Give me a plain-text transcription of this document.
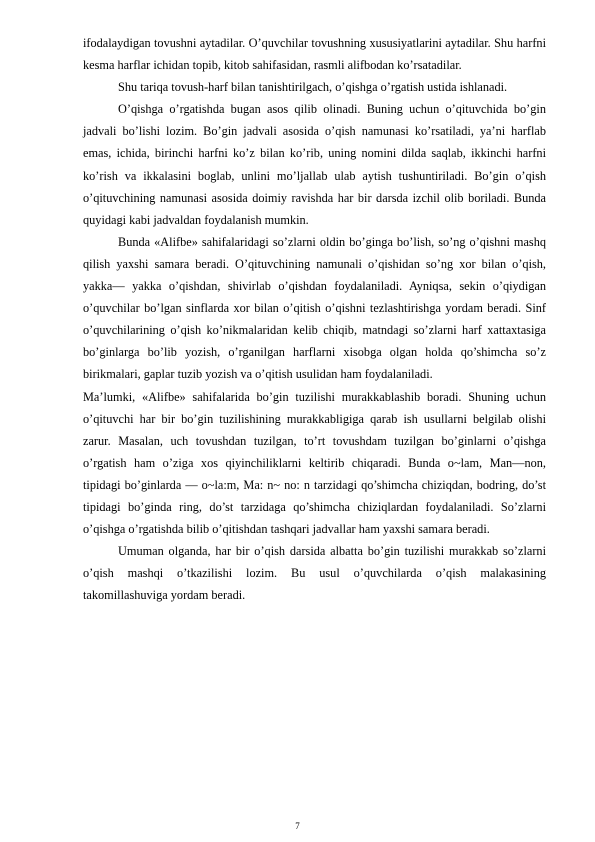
ifodalaydigan tovushni aytadilar. O’quvchilar tovushning xususiyatlarini aytadilar. Shu harfni kesma harflar ichidan topib, kitob sahifasidan, rasmli alifbodan ko’rsatadilar.

Shu tariqa tovush-harf bilan tanishtirilgach, o’qishga o’rgatish ustida ishlanadi.

O’qishga o’rgatishda bugan asos qilib olinadi. Buning uchun o’qituvchida bo’gin jadvali bo’lishi lozim. Bo’gin jadvali asosida o’qish namunasi ko’rsatiladi, ya’ni harflab emas, ichida, birinchi harfni ko’z bilan ko’rib, uning nomini dilda saqlab, ikkinchi harfni ko’rish va ikkalasini boglab, unlini mo’ljallab ulab aytish tushuntiriladi. Bo’gin o’qish o’qituvchining namunasi asosida doimiy ravishda har bir darsda izchil olib boriladi. Bunda quyidagi kabi jadvaldan foydalanish mumkin.

Bunda «Alifbe» sahifalaridagi so’zlarni oldin bo’ginga bo’lish, so’ng o’qishni mashq qilish yaxshi samara beradi. O’qituvchining namunali o’qishidan so’ng xor bilan o’qish, yakka— yakka o’qishdan, shivirlab o’qishdan foydalaniladi. Ayniqsa, sekin o’qiydigan o’quvchilar bo’lgan sinflarda xor bilan o’qitish o’qishni tezlashtirishga yordam beradi. Sinf o’quvchilarining o’qish ko’nikmalaridan kelib chiqib, matndagi so’zlarni harf xattaxtasiga bo’ginlarga bo’lib yozish, o’rganilgan harflarni xisobga olgan holda qo’shimcha so’z birikmalari, gaplar tuzib yozish va o’qitish usulidan ham foydalaniladi.

Ma’lumki, «Alifbe» sahifalarida bo’gin tuzilishi murakkablashib boradi. Shuning uchun o’qituvchi har bir bo’gin tuzilishining murakkabligiga qarab ish usullarni belgilab olishi zarur. Masalan, uch tovushdan tuzilgan, to’rt tovushdam tuzilgan bo’ginlarni o’qishga o’rgatish ham o’ziga xos qiyinchiliklarni keltirib chiqaradi. Bunda o~lam, Man—non, tipidagi bo’ginlarda — o~la:m, Ma: n~ no: n tarzidagi qo’shimcha chiziqdan, bodring, do’st tipidagi bo’ginda ring, do’st tarzidaga qo’shimcha chiziqlardan foydalaniladi. So’zlarni o’qishga o’rgatishda bilib o’qitishdan tashqari jadvallar ham yaxshi samara beradi.

Umuman olganda, har bir o’qish darsida albatta bo’gin tuzilishi murakkab so’zlarni o’qish mashqi o’tkazilishi lozim. Bu usul o’quvchilarda o’qish malakasining takomillashuviga yordam beradi.

7
